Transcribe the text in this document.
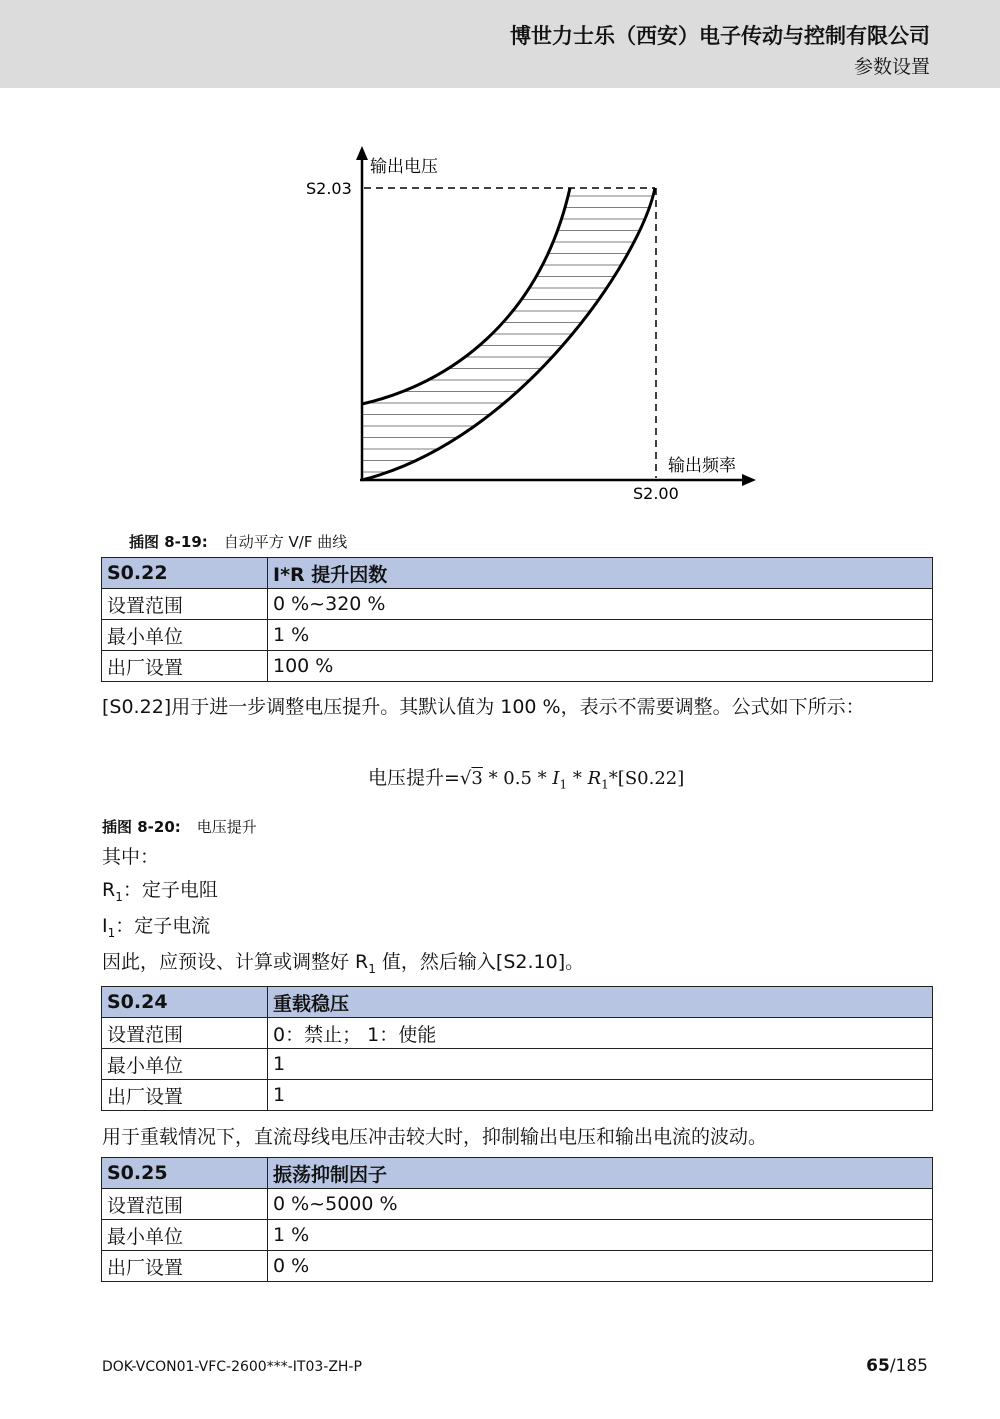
博世力士乐（西安）电子传动与控制有限公司
参数设置
输出电压
S2.03
输出频率
S2.00
插图 8-19: 自动平方 V/F 曲线
S0.22	I*R 提升因数
设置范围	0 %~320 %
最小单位	1 %
出厂设置	100 %
[S0.22]用于进一步调整电压提升。其默认值为 100 %，表示不需要调整。公式如下所示：
电压提升$=√3 * 0.5 * I_1 * R_1*[S0.22]$
插图 8-20: 电压提升
其中：
$R_1$：定子电阻
$I_1$：定子电流
因此，应预设、计算或调整好 $R_1$ 值，然后输入[S2.10]。
S0.24	重载稳压
设置范围	0：禁止； 1：使能
最小单位	1
出厂设置	1
用于重载情况下，直流母线电压冲击较大时，抑制输出电压和输出电流的波动。
S0.25	振荡抑制因子
设置范围	0 %~5000 %
最小单位	1 %
出厂设置	0 %
DOK-VCON01-VFC-2600***-IT03-ZH-P	65/185
